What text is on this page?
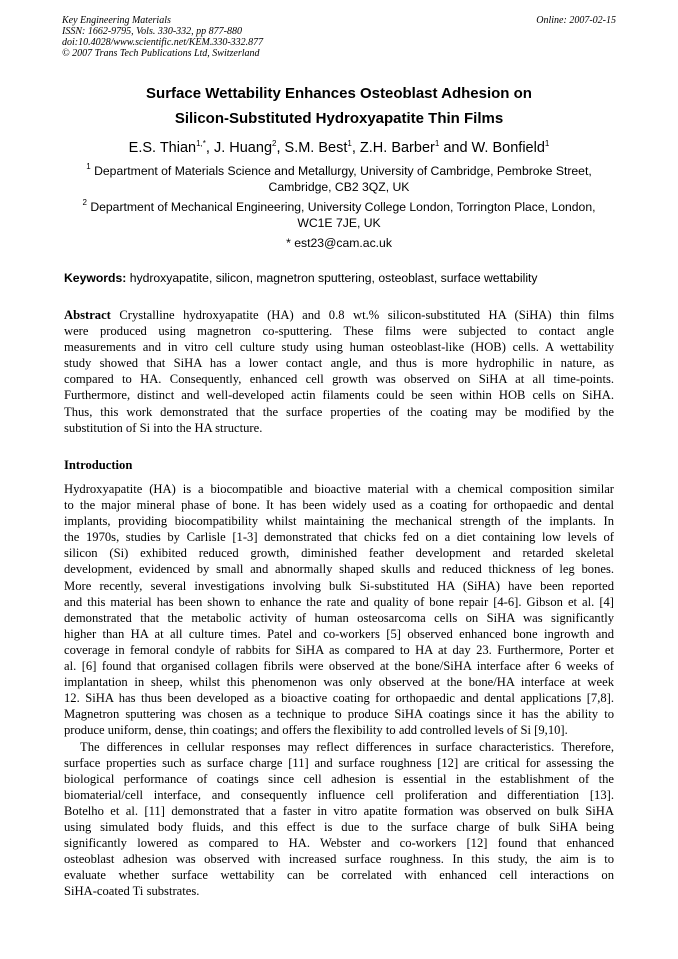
Key Engineering Materials
ISSN: 1662-9795, Vols. 330-332, pp 877-880
doi:10.4028/www.scientific.net/KEM.330-332.877
© 2007 Trans Tech Publications Ltd, Switzerland
Online: 2007-02-15
Surface Wettability Enhances Osteoblast Adhesion on
Silicon-Substituted Hydroxyapatite Thin Films
E.S. Thian$^{1,*}$, J. Huang$^2$, S.M. Best$^1$, Z.H. Barber$^1$ and W. Bonfield$^1$
$^1$ Department of Materials Science and Metallurgy, University of Cambridge, Pembroke Street,
Cambridge, CB2 3QZ, UK
$^2$ Department of Mechanical Engineering, University College London, Torrington Place, London,
WC1E 7JE, UK
* est23@cam.ac.uk
Keywords: hydroxyapatite, silicon, magnetron sputtering, osteoblast, surface wettability
Abstract Crystalline hydroxyapatite (HA) and 0.8 wt.% silicon-substituted HA (SiHA) thin films
were produced using magnetron co-sputtering. These films were subjected to contact angle
measurements and in vitro cell culture study using human osteoblast-like (HOB) cells. A wettability
study showed that SiHA has a lower contact angle, and thus is more hydrophilic in nature, as
compared to HA. Consequently, enhanced cell growth was observed on SiHA at all time-points.
Furthermore, distinct and well-developed actin filaments could be seen within HOB cells on SiHA.
Thus, this work demonstrated that the surface properties of the coating may be modified by the
substitution of Si into the HA structure.
Introduction
Hydroxyapatite (HA) is a biocompatible and bioactive material with a chemical composition similar
to the major mineral phase of bone. It has been widely used as a coating for orthopaedic and dental
implants, providing biocompatibility whilst maintaining the mechanical strength of the implants. In
the 1970s, studies by Carlisle [1-3] demonstrated that chicks fed on a diet containing low levels of
silicon (Si) exhibited reduced growth, diminished feather development and retarded skeletal
development, evidenced by small and abnormally shaped skulls and reduced thickness of leg bones.
More recently, several investigations involving bulk Si-substituted HA (SiHA) have been reported
and this material has been shown to enhance the rate and quality of bone repair [4-6]. Gibson et al. [4]
demonstrated that the metabolic activity of human osteosarcoma cells on SiHA was significantly
higher than HA at all culture times. Patel and co-workers [5] observed enhanced bone ingrowth and
coverage in femoral condyle of rabbits for SiHA as compared to HA at day 23. Furthermore, Porter et
al. [6] found that organised collagen fibrils were observed at the bone/SiHA interface after 6 weeks of
implantation in sheep, whilst this phenomenon was only observed at the bone/HA interface at week
12. SiHA has thus been developed as a bioactive coating for orthopaedic and dental applications [7,8].
Magnetron sputtering was chosen as a technique to produce SiHA coatings since it has the ability to
produce uniform, dense, thin coatings; and offers the flexibility to add controlled levels of Si [9,10].
The differences in cellular responses may reflect differences in surface characteristics. Therefore,
surface properties such as surface charge [11] and surface roughness [12] are critical for assessing the
biological performance of coatings since cell adhesion is essential in the establishment of the
biomaterial/cell interface, and consequently influence cell proliferation and differentiation [13].
Botelho et al. [11] demonstrated that a faster in vitro apatite formation was observed on bulk SiHA
using simulated body fluids, and this effect is due to the surface charge of bulk SiHA being
significantly lowered as compared to HA. Webster and co-workers [12] found that enhanced
osteoblast adhesion was observed with increased surface roughness. In this study, the aim is to
evaluate whether surface wettability can be correlated with enhanced cell interactions on
SiHA-coated Ti substrates.
